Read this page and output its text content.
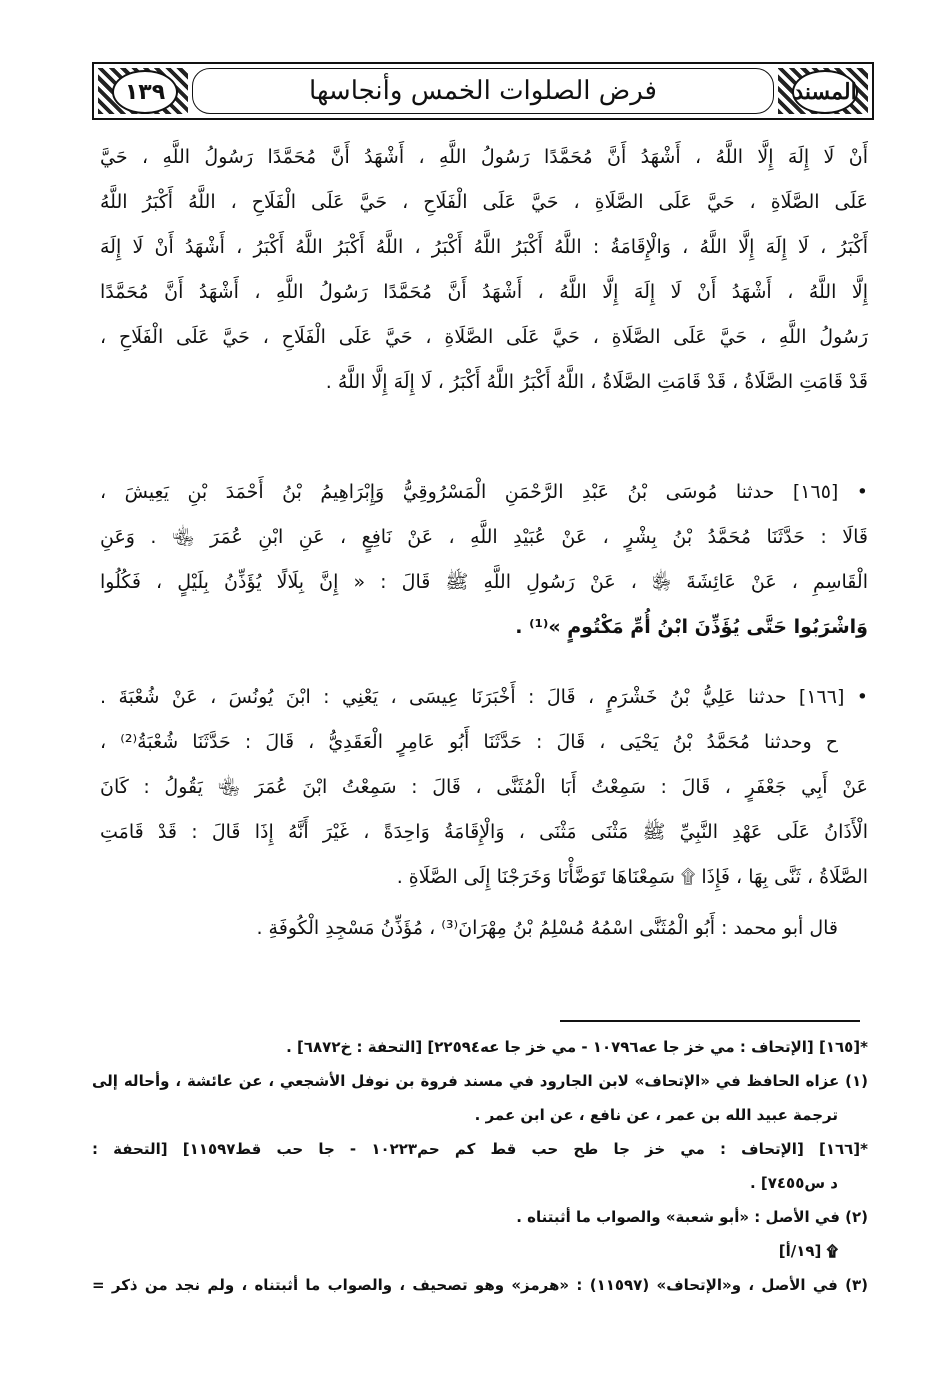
١٣٩	فرض الصلوات الخمس وأنجاسها	المسند
أَنْ لَا إِلَهَ إِلَّا اللَّهُ ، أَشْهَدُ أَنَّ مُحَمَّدًا رَسُولُ اللَّهِ ، أَشْهَدُ أَنَّ مُحَمَّدًا رَسُولُ اللَّهِ ، حَيَّ
عَلَى الصَّلَاةِ ، حَيَّ عَلَى الصَّلَاةِ ، حَيَّ عَلَى الْفَلَاحِ ، حَيَّ عَلَى الْفَلَاحِ ، اللَّهُ أَكْبَرُ اللَّهُ
أَكْبَرُ ، لَا إِلَهَ إِلَّا اللَّهُ ، وَالْإِقَامَةُ : اللَّهُ أَكْبَرُ اللَّهُ أَكْبَرُ ، اللَّهُ أَكْبَرُ اللَّهُ أَكْبَرُ ، أَشْهَدُ أَنْ لَا إِلَهَ
إِلَّا اللَّهُ ، أَشْهَدُ أَنْ لَا إِلَهَ إِلَّا اللَّهُ ، أَشْهَدُ أَنَّ مُحَمَّدًا رَسُولُ اللَّهِ ، أَشْهَدُ أَنَّ مُحَمَّدًا
رَسُولُ اللَّهِ ، حَيَّ عَلَى الصَّلَاةِ ، حَيَّ عَلَى الصَّلَاةِ ، حَيَّ عَلَى الْفَلَاحِ ، حَيَّ عَلَى الْفَلَاحِ ،
قَدْ قَامَتِ الصَّلَاةُ ، قَدْ قَامَتِ الصَّلَاةُ ، اللَّهُ أَكْبَرُ اللَّهُ أَكْبَرُ ، لَا إِلَهَ إِلَّا اللَّهُ .
• [١٦٥] حدثنا مُوسَى بْنُ عَبْدِ الرَّحْمَنِ الْمَسْرُوقِيُّ وَإِبْرَاهِيمُ بْنُ أَحْمَدَ بْنِ يَعِيشَ ،
قَالَا : حَدَّثَنَا مُحَمَّدُ بْنُ بِشْرٍ ، عَنْ عُبَيْدِ اللَّهِ ، عَنْ نَافِعٍ ، عَنِ ابْنِ عُمَرَ ﵄ . وَعَنِ
الْقَاسِمِ ، عَنْ عَائِشَةَ ﵂ ، عَنْ رَسُولِ اللَّهِ ﷺ قَالَ : « إِنَّ بِلَالًا يُؤَذِّنُ بِلَيْلٍ ، فَكُلُوا
وَاشْرَبُوا حَتَّى يُؤَذِّنَ ابْنُ أُمِّ مَكْتُومٍ »⁽¹⁾ .
• [١٦٦] حدثنا عَلِيُّ بْنُ خَشْرَمٍ ، قَالَ : أَخْبَرَنَا عِيسَى ، يَعْنِي : ابْنَ يُونُسَ ، عَنْ شُعْبَةَ .
ح وحدثنا مُحَمَّدُ بْنُ يَحْيَى ، قَالَ : حَدَّثَنَا أَبُو عَامِرٍ الْعَقَدِيُّ ، قَالَ : حَدَّثَنَا شُعْبَةُ⁽²⁾ ،
عَنْ أَبِي جَعْفَرٍ ، قَالَ : سَمِعْتُ أَبَا الْمُثَنَّى ، قَالَ : سَمِعْتُ ابْنَ عُمَرَ ﵄ يَقُولُ : كَانَ
الْأَذَانُ عَلَى عَهْدِ النَّبِيِّ ﷺ مَثْنَى مَثْنَى ، وَالْإِقَامَةُ وَاحِدَةً ، غَيْرَ أَنَّهُ إِذَا قَالَ : قَدْ قَامَتِ
الصَّلَاةُ ، ثَنَّى بِهَا ، فَإِذَا ۩ سَمِعْنَاهَا تَوَضَّأْنَا وَخَرَجْنَا إِلَى الصَّلَاةِ .
قال أبو محمد : أَبُو الْمُثَنَّى اسْمُهُ مُسْلِمُ بْنُ مِهْرَانَ⁽³⁾ ، مُؤَذِّنُ مَسْجِدِ الْكُوفَةِ .
*[١٦٥] [الإتحاف : مي خز جا عه١٠٧٩٦ - مي خز جا عه٢٢٥٩٤] [التحفة : خ٦٨٧٢] .
(١) عزاه الحافظ في «الإتحاف» لابن الجارود في مسند فروة بن نوفل الأشجعي ، عن عائشة ، وأحاله إلى
ترجمة عبيد الله بن عمر ، عن نافع ، عن ابن عمر .
*[١٦٦] [الإتحاف : مي خز جا طح حب قط كم حم١٠٢٢٣ - جا حب قط١١٥٩٧] [التحفة :
د س٧٤٥٥] .
(٢) في الأصل : «أبو شعبة» والصواب ما أثبتناه .
۩ [١٩/أ]
(٣) في الأصل ، و«الإتحاف» (١١٥٩٧) : «هرمز» وهو تصحيف ، والصواب ما أثبتناه ، ولم نجد من ذكر =
